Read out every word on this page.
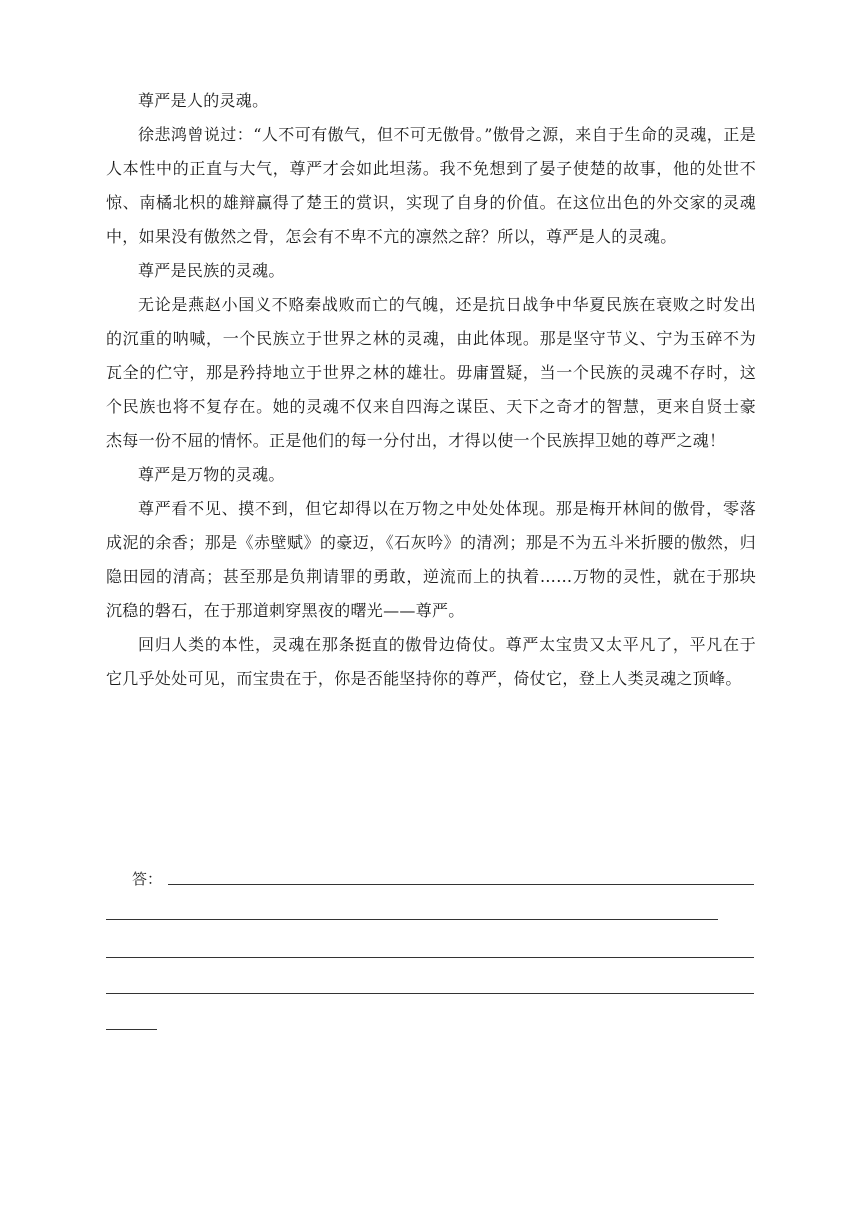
尊严是人的灵魂。

徐悲鸿曾说过：“人不可有傲气，但不可无傲骨。”傲骨之源，来自于生命的灵魂，正是人本性中的正直与大气，尊严才会如此坦荡。我不免想到了晏子使楚的故事，他的处世不惊、南橘北枳的雄辩赢得了楚王的赏识，实现了自身的价值。在这位出色的外交家的灵魂中，如果没有傲然之骨，怎会有不卑不亢的凛然之辞？所以，尊严是人的灵魂。

尊严是民族的灵魂。

无论是燕赵小国义不赂秦战败而亡的气魄，还是抗日战争中华夏民族在衰败之时发出的沉重的呐喊，一个民族立于世界之林的灵魂，由此体现。那是坚守节义、宁为玉碎不为瓦全的伫守，那是矜持地立于世界之林的雄壮。毋庸置疑，当一个民族的灵魂不存时，这个民族也将不复存在。她的灵魂不仅来自四海之谋臣、天下之奇才的智慧，更来自贤士豪杰每一份不屈的情怀。正是他们的每一分付出，才得以使一个民族捍卫她的尊严之魂！

尊严是万物的灵魂。

尊严看不见、摸不到，但它却得以在万物之中处处体现。那是梅开林间的傲骨，零落成泥的余香；那是《赤壁赋》的豪迈，《石灰吟》的清冽；那是不为五斗米折腰的傲然，归隐田园的清高；甚至那是负荆请罪的勇敢，逆流而上的执着……万物的灵性，就在于那块沉稳的磐石，在于那道刺穿黑夜的曙光——尊严。

回归人类的本性，灵魂在那条挺直的傲骨边倚仗。尊严太宝贵又太平凡了，平凡在于它几乎处处可见，而宝贵在于，你是否能坚持你的尊严，倚仗它，登上人类灵魂之顶峰。

答：
